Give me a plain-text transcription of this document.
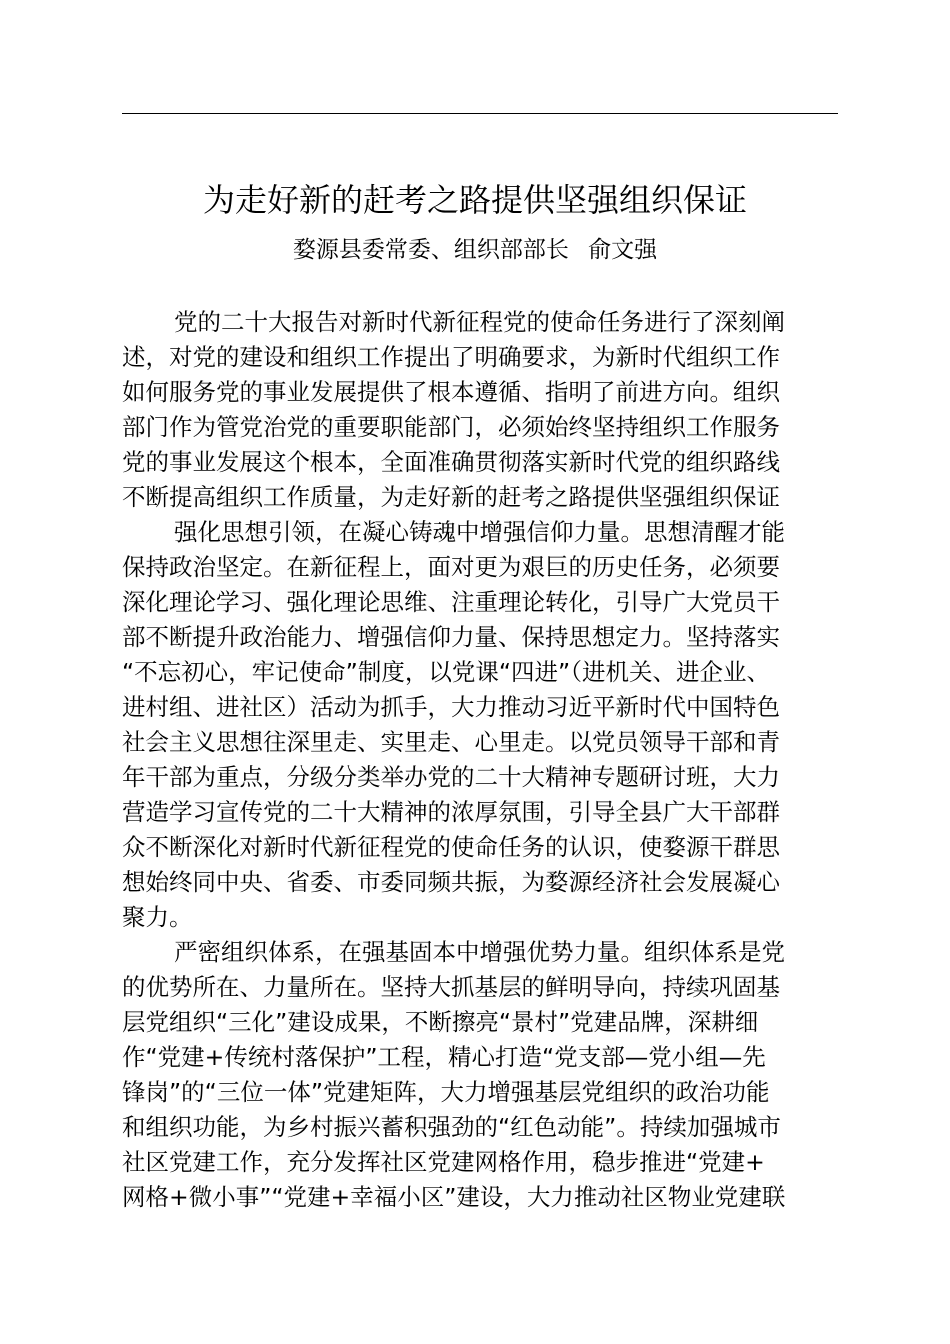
为走好新的赶考之路提供坚强组织保证
婺源县委常委、组织部部长 俞文强
党的二十大报告对新时代新征程党的使命任务进行了深刻阐
述，对党的建设和组织工作提出了明确要求，为新时代组织工作
如何服务党的事业发展提供了根本遵循、指明了前进方向。组织
部门作为管党治党的重要职能部门，必须始终坚持组织工作服务
党的事业发展这个根本，全面准确贯彻落实新时代党的组织路线
不断提高组织工作质量，为走好新的赶考之路提供坚强组织保证
强化思想引领，在凝心铸魂中增强信仰力量。思想清醒才能
保持政治坚定。在新征程上，面对更为艰巨的历史任务，必须要
深化理论学习、强化理论思维、注重理论转化，引导广大党员干
部不断提升政治能力、增强信仰力量、保持思想定力。坚持落实
“不忘初心，牢记使命”制度，以党课“四进”（进机关、进企业、
进村组、进社区）活动为抓手，大力推动习近平新时代中国特色
社会主义思想往深里走、实里走、心里走。以党员领导干部和青
年干部为重点，分级分类举办党的二十大精神专题研讨班，大力
营造学习宣传党的二十大精神的浓厚氛围，引导全县广大干部群
众不断深化对新时代新征程党的使命任务的认识，使婺源干群思
想始终同中央、省委、市委同频共振，为婺源经济社会发展凝心
聚力。
严密组织体系，在强基固本中增强优势力量。组织体系是党
的优势所在、力量所在。坚持大抓基层的鲜明导向，持续巩固基
层党组织“三化”建设成果，不断擦亮“景村”党建品牌，深耕细
作“党建+传统村落保护”工程，精心打造“党支部—党小组—先
锋岗”的“三位一体”党建矩阵，大力增强基层党组织的政治功能
和组织功能，为乡村振兴蓄积强劲的“红色动能”。持续加强城市
社区党建工作，充分发挥社区党建网格作用，稳步推进“党建+
网格+微小事”“党建+幸福小区”建设，大力推动社区物业党建联
